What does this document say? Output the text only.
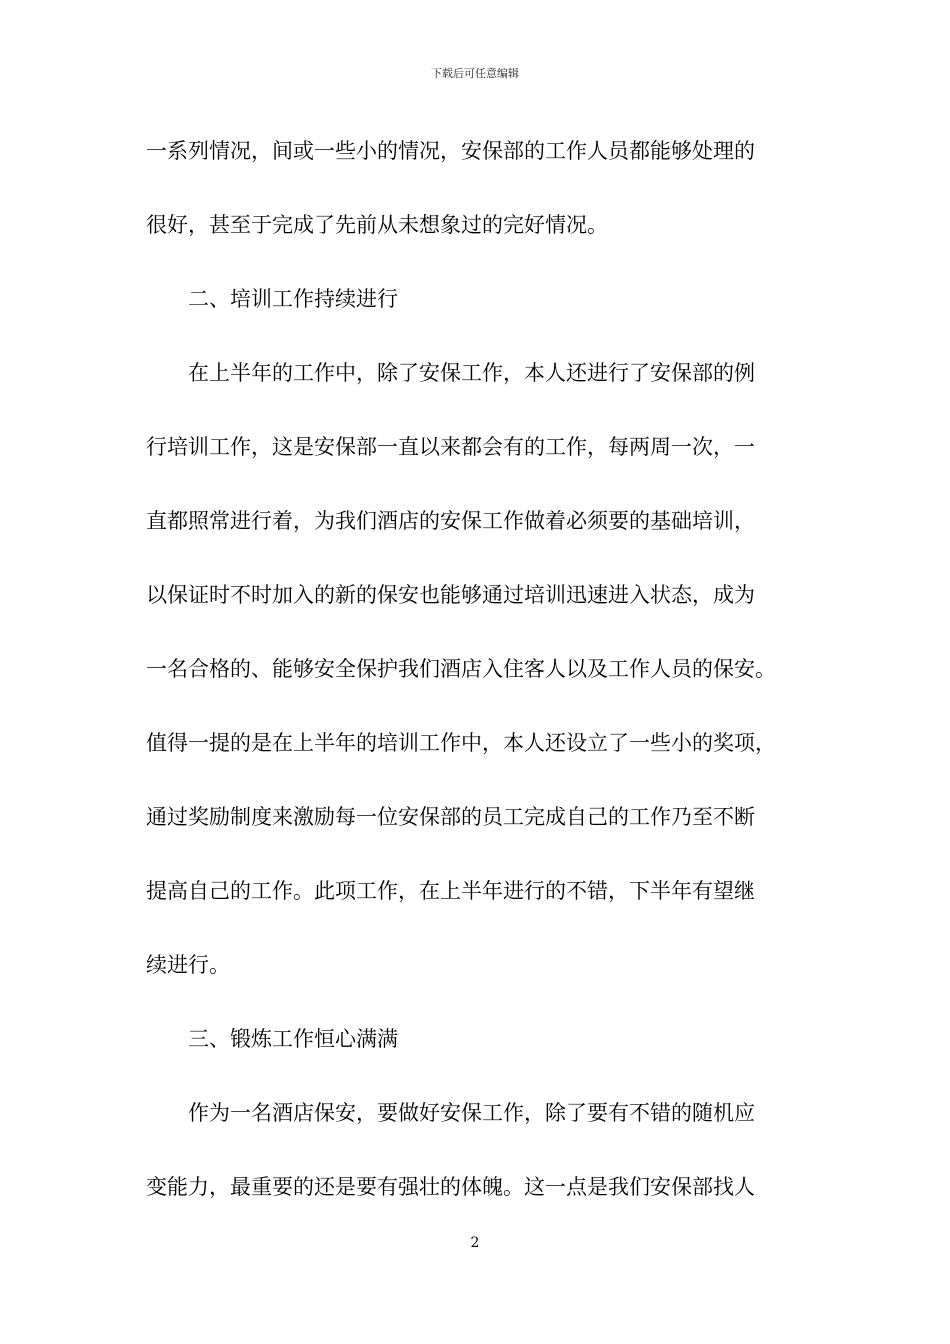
下载后可任意编辑
一系列情况，间或一些小的情况，安保部的工作人员都能够处理的
很好，甚至于完成了先前从未想象过的完好情况。
二、培训工作持续进行
在上半年的工作中，除了安保工作，本人还进行了安保部的例
行培训工作，这是安保部一直以来都会有的工作，每两周一次，一
直都照常进行着，为我们酒店的安保工作做着必须要的基础培训，
以保证时不时加入的新的保安也能够通过培训迅速进入状态，成为
一名合格的、能够安全保护我们酒店入住客人以及工作人员的保安。
值得一提的是在上半年的培训工作中，本人还设立了一些小的奖项，
通过奖励制度来激励每一位安保部的员工完成自己的工作乃至不断
提高自己的工作。此项工作，在上半年进行的不错，下半年有望继
续进行。
三、锻炼工作恒心满满
作为一名酒店保安，要做好安保工作，除了要有不错的随机应
变能力，最重要的还是要有强壮的体魄。这一点是我们安保部找人
2
